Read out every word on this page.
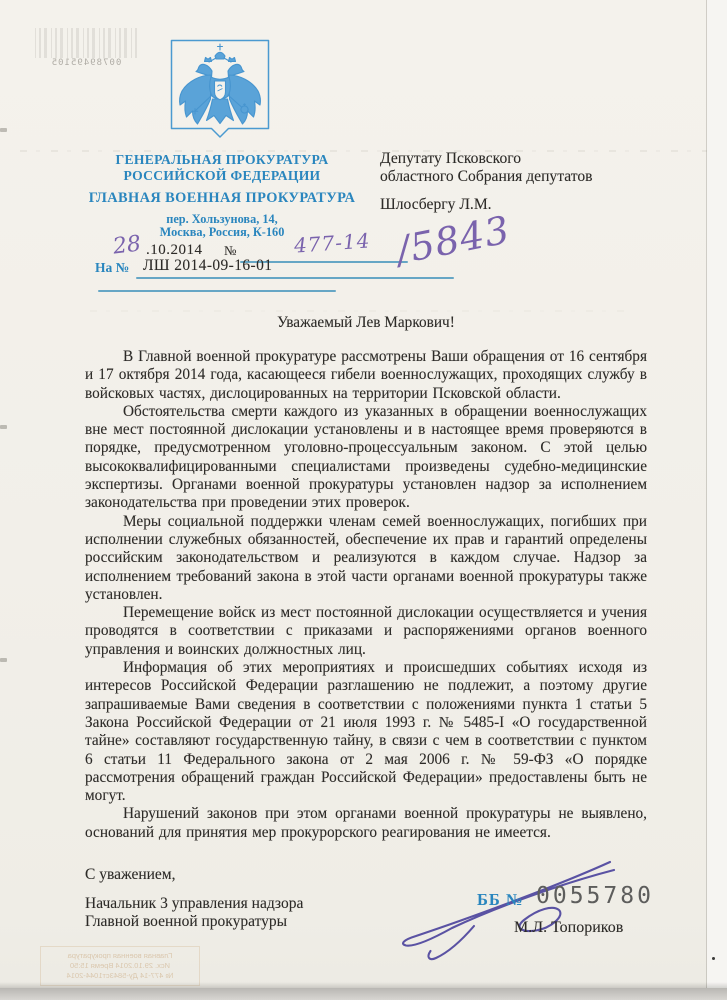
00789495105
ГЕНЕРАЛЬНАЯ ПРОКУРАТУРА
РОССИЙСКОЙ ФЕДЕРАЦИИ
ГЛАВНАЯ ВОЕННАЯ ПРОКУРАТУРА
пер. Хользунова, 14,
Москва, Россия, К-160
28 .10.2014 №	477-14 /5843
На № ЛШ 2014-09-16-01
Депутату Псковского
областного Собрания депутатов
Шлосбергу Л.М.

Уважаемый Лев Маркович!

В Главной военной прокуратуре рассмотрены Ваши обращения от 16 сентября и 17 октября 2014 года, касающееся гибели военнослужащих, проходящих службу в войсковых частях, дислоцированных на территории Псковской области.

Обстоятельства смерти каждого из указанных в обращении военнослужащих вне мест постоянной дислокации установлены и в настоящее время проверяются в порядке, предусмотренном уголовно-процессуальным законом. С этой целью высококвалифицированными специалистами произведены судебно-медицинские экспертизы. Органами военной прокуратуры установлен надзор за исполнением законодательства при проведении этих проверок.

Меры социальной поддержки членам семей военнослужащих, погибших при исполнении служебных обязанностей, обеспечение их прав и гарантий определены российским законодательством и реализуются в каждом случае. Надзор за исполнением требований закона в этой части органами военной прокуратуры также установлен.

Перемещение войск из мест постоянной дислокации осуществляется и учения проводятся в соответствии с приказами и распоряжениями органов военного управления и воинских должностных лиц.

Информация об этих мероприятиях и происшедших событиях исходя из интересов Российской Федерации разглашению не подлежит, а поэтому другие запрашиваемые Вами сведения в соответствии с положениями пункта 1 статьи 5 Закона Российской Федерации от 21 июля 1993 г. № 5485-I «О государственной тайне» составляют государственную тайну, в связи с чем в соответствии с пунктом 6 статьи 11 Федерального закона от 2 мая 2006 г. № 59-ФЗ «О порядке рассмотрения обращений граждан Российской Федерации» предоставлены быть не могут.

Нарушений законов при этом органами военной прокуратуры не выявлено, оснований для принятия мер прокурорского реагирования не имеется.

С уважением,
Начальник 3 управления надзора
Главной военной прокуратуры
ББ № 0055780
М.Л. Топориков
Главная военная прокуратура
Исх. 29.10.2014 Время 15:50
№ 477-14 Ду-5843ст1044-2014
